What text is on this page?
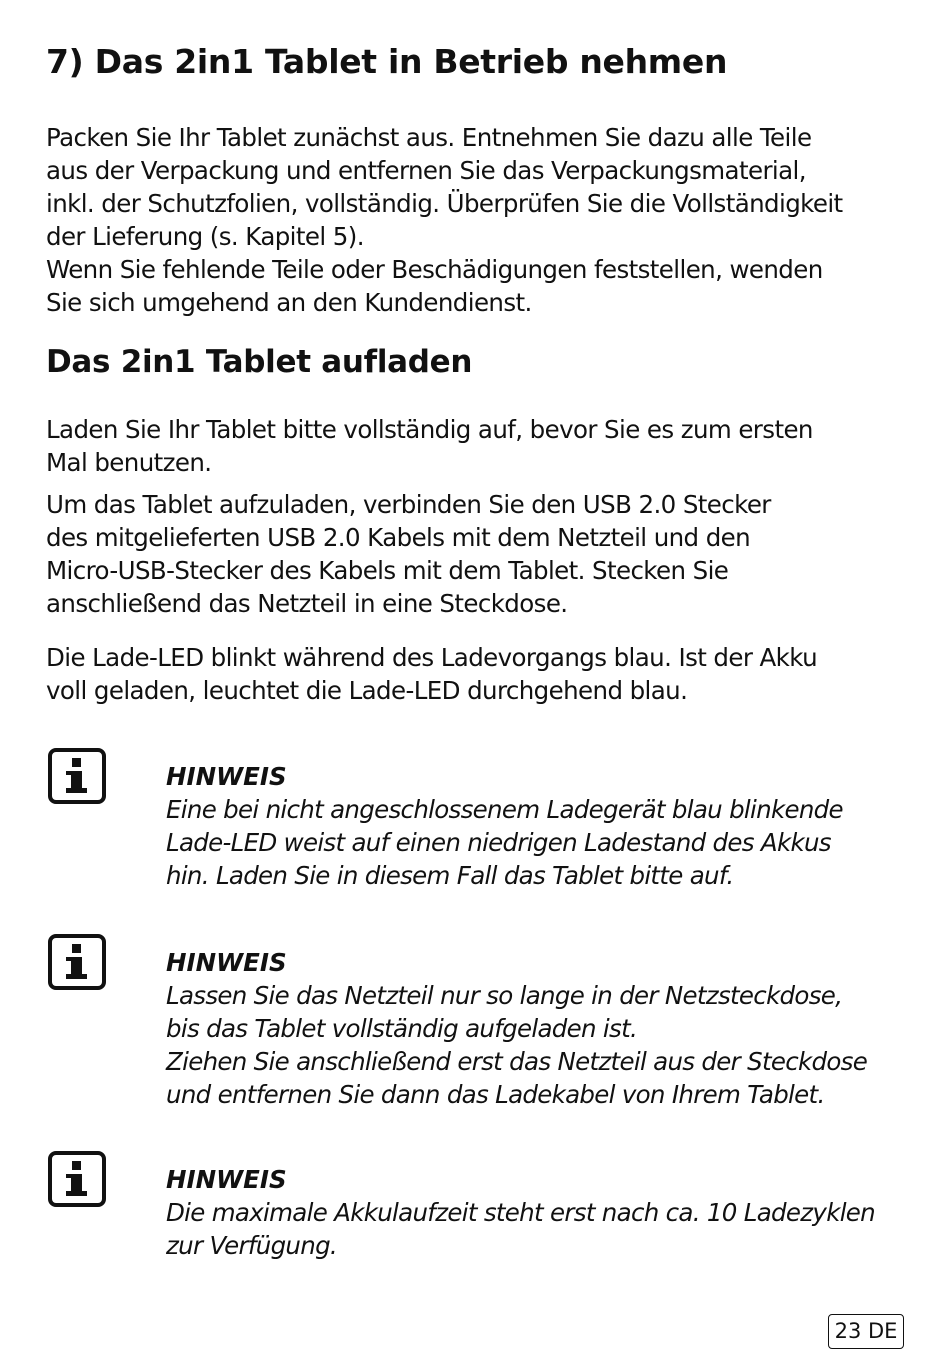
7) Das 2in1 Tablet in Betrieb nehmen

Packen Sie Ihr Tablet zunächst aus. Entnehmen Sie dazu alle Teile
aus der Verpackung und entfernen Sie das Verpackungsmaterial,
inkl. der Schutzfolien, vollständig. Überprüfen Sie die Vollständigkeit
der Lieferung (s. Kapitel 5).
Wenn Sie fehlende Teile oder Beschädigungen feststellen, wenden
Sie sich umgehend an den Kundendienst.

Das 2in1 Tablet aufladen

Laden Sie Ihr Tablet bitte vollständig auf, bevor Sie es zum ersten
Mal benutzen.

Um das Tablet aufzuladen, verbinden Sie den USB 2.0 Stecker
des mitgelieferten USB 2.0 Kabels mit dem Netzteil und den
Micro-USB-Stecker des Kabels mit dem Tablet. Stecken Sie
anschließend das Netzteil in eine Steckdose.

Die Lade-LED blinkt während des Ladevorgangs blau. Ist der Akku
voll geladen, leuchtet die Lade-LED durchgehend blau.

HINWEIS
Eine bei nicht angeschlossenem Ladegerät blau blinkende
Lade-LED weist auf einen niedrigen Ladestand des Akkus
hin. Laden Sie in diesem Fall das Tablet bitte auf.
HINWEIS
Lassen Sie das Netzteil nur so lange in der Netzsteckdose,
bis das Tablet vollständig aufgeladen ist.
Ziehen Sie anschließend erst das Netzteil aus der Steckdose
und entfernen Sie dann das Ladekabel von Ihrem Tablet.
HINWEIS
Die maximale Akkulaufzeit steht erst nach ca. 10 Ladezyklen
zur Verfügung.
23 DE
